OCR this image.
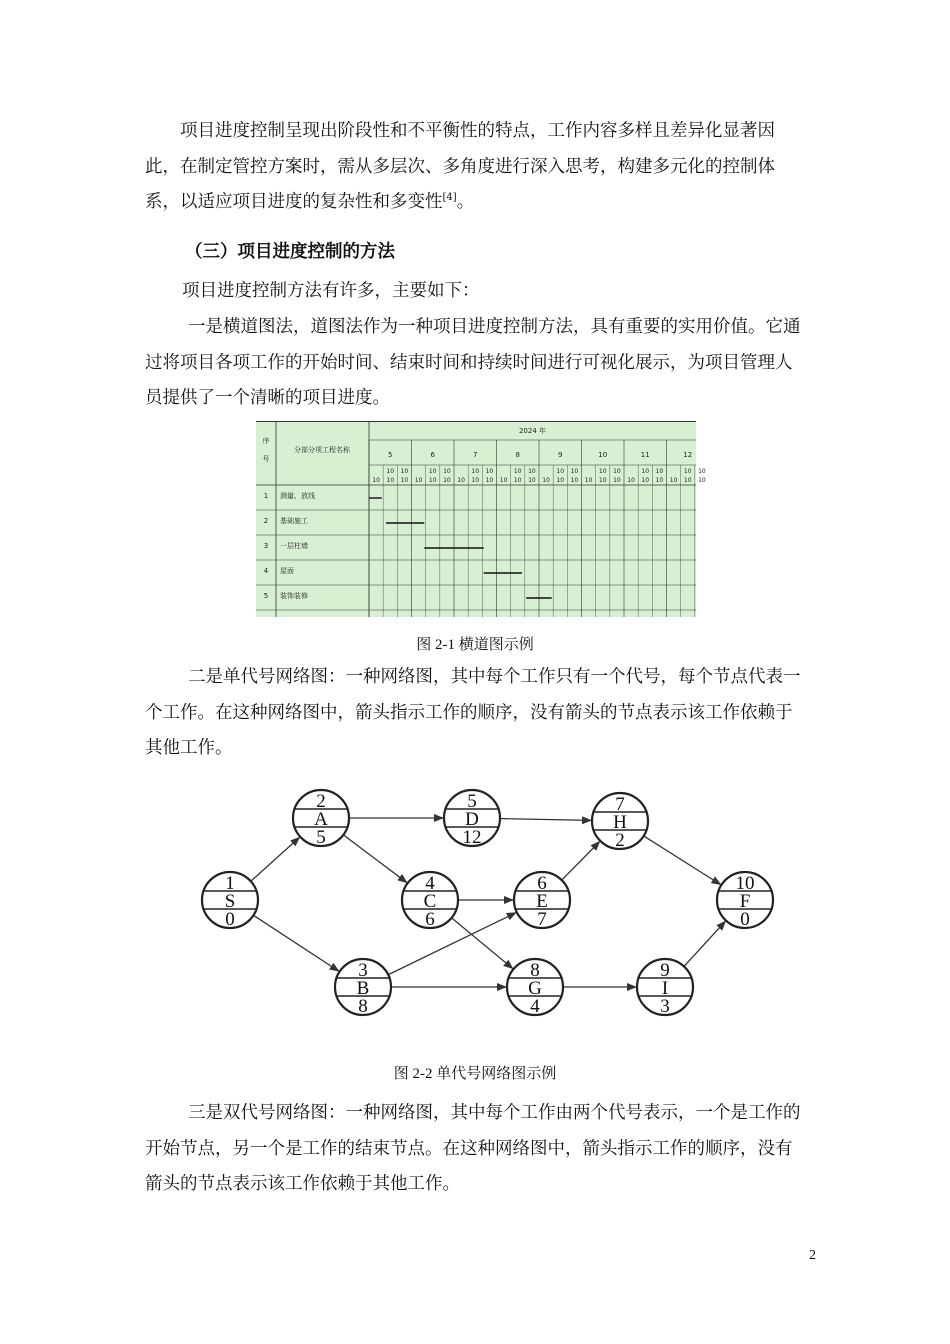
项目进度控制呈现出阶段性和不平衡性的特点，工作内容多样且差异化显著因此，在制定管控方案时，需从多层次、多角度进行深入思考，构建多元化的控制体系，以适应项目进度的复杂性和多变性[4]。

（三）项目进度控制的方法

项目进度控制方法有许多，主要如下：

一是横道图法，道图法作为一种项目进度控制方法，具有重要的实用价值。它通过将项目各项工作的开始时间、结束时间和持续时间进行可视化展示，为项目管理人员提供了一个清晰的项目进度。

序
号
分部分项工程名称
2024 年
5
10
10
10
10
10
6
10
10
10
10
10
7
10
10
10
10
10
8
10
10
10
10
10
9
10
10
10
10
10
10
10
10
10
10
10
11
10
10
10
10
10
12
10
10
10
10
10
1 测量、放线
2 基础施工
3 一层柱墙
4 屋面
5 装饰装修
图 2-1 横道图示例

二是单代号网络图：一种网络图，其中每个工作只有一个代号，每个节点代表一个工作。在这种网络图中，箭头指示工作的顺序，没有箭头的节点表示该工作依赖于其他工作。

1
S
0
2
A
5
3
B
8
4
C
6
5
D
12
6
E
7
7
H
2
8
G
4
9
I
3
10
F
0
图 2-2 单代号网络图示例

三是双代号网络图：一种网络图，其中每个工作由两个代号表示，一个是工作的开始节点，另一个是工作的结束节点。在这种网络图中，箭头指示工作的顺序，没有箭头的节点表示该工作依赖于其他工作。

2
